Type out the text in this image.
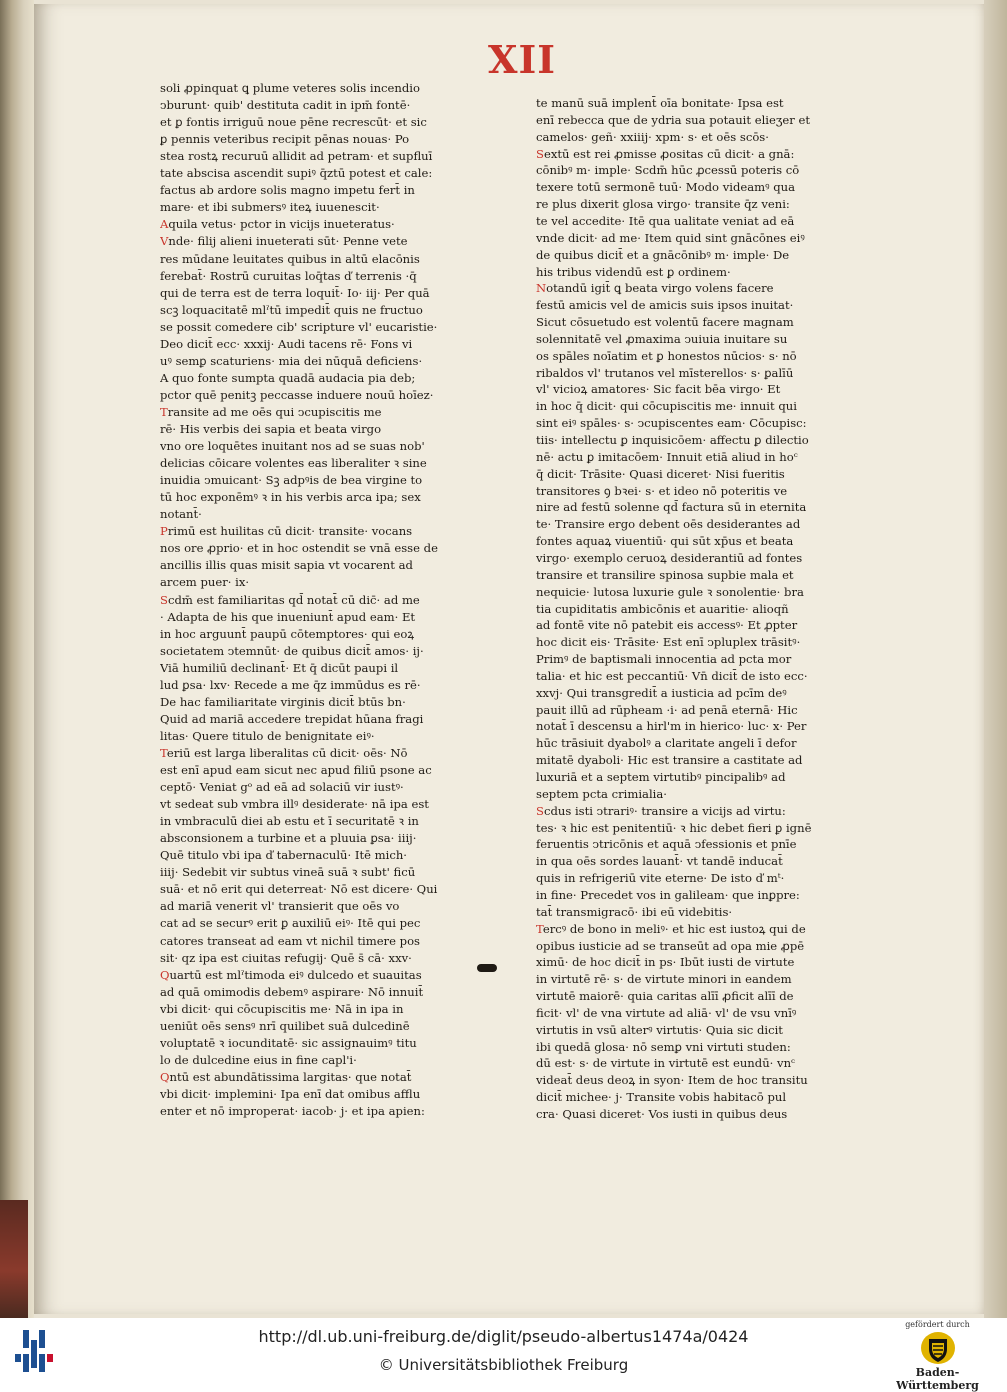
XII
soli ꝓpinquat ꝗ plume veteres solis incendio
ↄburunt· quib' destituta cadit in ipm̄ fontē·
et ꝑ fontis irriguū noue pēne recrescūt· et sic
ꝑ pennis veteribus recipit pēnas nouas· Po
stea rostꝝ recuruū allidit ad petram· et supfluī
tate abscisa ascendit supiꝰ q̄ztū potest et cale:
factus ab ardore solis magno impetu fert̄ in
mare· et ibi submersꝰ iteꝝ iuuenescit·
Aquila vetus· pctor in vicijs inueteratus·
Vnde· filij alieni inueterati sūt· Penne vete
res mūdane leuitates quibus in altū elacōnis
ferebat̄· Rostrū curuitas loq̄tas ď terrenis ·q̄
qui de terra est de terra loquit̄· Io· iij· Per quā
scꝫ loquacitatē mlˀtū impedit̄ quis ne fructuo
se possit comedere cib' scripture vl' eucaristie·
Deo dicit̄ ecc· xxxij· Audi tacens rē· Fons vi
uꝰ semꝑ scaturiens· mia dei nūquā deficiens·
A quo fonte sumpta quadā audacia pia deb;
pctor quē penitꝫ peccasse induere nouū hoīez·
Transite ad me oēs qui ↄcupiscitis me
rē· His verbis dei sapia et beata virgo
vno ore loquētes inuitant nos ad se suas nob'
delicias cōicare volentes eas liberaliter ꝛ sine
inuidia ↄmuicant· Sꝫ adpꝰis de bea virgine to
tū hoc exponēmꝰ ꝛ in his verbis arca ipa; sex
notant̄·
Primū est huilitas cū dicit· transite· vocans
nos ore ꝓprio· et in hoc ostendit se vnā esse de
ancillis illis quas misit sapia vt vocarent ad
arcem puer· ix·
Scdm̄ est familiaritas qd̄ notat̄ cū dic̄· ad me
· Adapta de his que inueniunt̄ apud eam· Et
in hoc arguunt̄ paupū cōtemptores· qui eoꝝ
societatem ↄtemnūt· de quibus dicit̄ amos· ij·
Viā humiliū declinant̄· Et q̄ dicūt paupi il
lud ꝑsa· lxv· Recede a me q̄z immūdus es rē·
De hac familiaritate virginis dicit̄ btūs bn·
Quid ad mariā accedere trepidat hūana fragi
litas· Quere titulo de benignitate eiꝰ·
Teriū est larga liberalitas cū dicit· oēs· Nō
est enī apud eam sicut nec apud filiū psone ac
ceptō· Veniat gᵒ ad eā ad solaciū vir iustꝰ·
vt sedeat sub vmbra illꝰ desiderate· nā ipa est
in vmbraculū diei ab estu et ī securitatē ꝛ in
absconsionem a turbine et a pluuia ꝑsa· iiij·
Quē titulo vbi ipa ď tabernaculū· Itē mich·
iiij· Sedebit vir subtus vineā suā ꝛ subt' ficū
suā· et nō erit qui deterreat· Nō est dicere· Qui
ad mariā venerit vl' transierit que oēs vo
cat ad se securꝰ erit ꝑ auxiliū eiꝰ· Itē qui pec
catores transeat ad eam vt nichil timere pos
sit· qz ipa est ciuitas refugij· Quē s̄ cā· xxv·
Quartū est mlˀtimoda eiꝰ dulcedo et suauitas
ad quā omimodis debemꝰ aspirare· Nō innuit̄
vbi dicit· qui cōcupiscitis me· Nā in ipa in
ueniūt oēs sensꝰ nrī quilibet suā dulcedinē
voluptatē ꝛ iocunditatē· sic assignauimꝰ titu
lo de dulcedine eius in fine capl'i·
Qntū est abundātissima largitas· que notat̄
vbi dicit· implemini· Ipa enī dat omibus afflu
enter et nō improperat· iacob· j· et ipa apien:
te manū suā implent̄ oīa bonitate· Ipsa est
enī rebecca que de ydria sua potauit elieʒer et
camelos· geñ· xxiiij· xpm· s· et oēs scōs·
Sextū est rei ꝓmisse ꝓositas cū dicit· a gnā:
cōnibꝰ m· imple· Scdm̄ hūc ꝓcessū poteris cō
texere totū sermonē tuū· Modo videamꝰ qua
re plus dixerit glosa virgo· transite q̄z veni:
te vel accedite· Itē qua ualitate veniat ad eā
vnde dicit· ad me· Item quid sint gnācōnes eiꝰ
de quibus dicit̄ et a gnācōnibꝰ m· imple· De
his tribus videndū est ꝑ ordinem·
Notandū igit̄ ꝗ beata virgo volens facere
festū amicis vel de amicis suis ipsos inuitat·
Sicut cōsuetudo est volentū facere magnam
solennitatē vel ꝓmaxima ↄuiuia inuitare su
os spāles noīatim et ꝑ honestos nūcios· s· nō
ribaldos vl' trutanos vel mīsterellos· s· ꝑalīū
vl' vicioꝝ amatores· Sic facit bēa virgo· Et
in hoc q̄ dicit· qui cōcupiscitis me· innuit qui
sint eiꝰ spāles· s· ↄcupiscentes eam· Cōcupisc:
tiis· intellectu ꝑ inquisicōem· affectu ꝑ dilectio
nē· actu ꝑ imitacōem· Innuit etiā aliud in hoᶜ
q̄ dicit· Trāsite· Quasi diceret· Nisi fueritis
transitores ꝯ bꝛei· s· et ideo nō poteritis ve
nire ad festū solenne qd̄ factura sū in eternita
te· Transire ergo debent oēs desiderantes ad
fontes aquaꝝ viuentiū· qui sūt xp̄us et beata
virgo· exemplo ceruoꝝ desiderantiū ad fontes
transire et transilire spinosa supbie mala et
nequicie· lutosa luxurie gule ꝛ sonolentie· bra
tia cupiditatis ambicōnis et auaritie· alioqñ
ad fontē vite nō patebit eis accessꝰ· Et ꝓpter
hoc dicit eis· Trāsite· Est enī ↄpluplex trāsitꝰ·
Primꝰ de baptismali innocentia ad pcta mor
talia· et hic est peccantiū· Vn̄ dicit̄ de isto ecc·
xxvj· Qui transgredit̄ a iusticia ad pcīm deꝰ
pauit illū ad rūpheam ·i· ad penā eternā· Hic
notat̄ ī descensu a hirl'm in hierico· luc· x· Per
hūc trāsiuit dyabolꝰ a claritate angeli ī defor
mitatē dyaboli· Hic est transire a castitate ad
luxuriā et a septem virtutibꝰ pincipalibꝰ ad
septem pcta crimialia·
Scdus isti ↄtrariꝰ· transire a vicijs ad virtu:
tes· ꝛ hic est penitentiū· ꝛ hic debet fieri ꝑ ignē
feruentis ↄtricōnis et aquā ↄfessionis et pnīe
in qua oēs sordes lauant̄· vt tandē inducat̄
quis in refrigeriū vite eterne· De isto ď mᵗ·
in fine· Precedet vos in galileam· que inꝑpre:
tat̄ transmigracō· ibi eū videbitis·
Tercꝰ de bono in meliꝰ· et hic est iustoꝝ qui de
opibus iusticie ad se transeūt ad opa mie ꝓpē
ximū· de hoc dicit̄ in ps· Ibūt iusti de virtute
in virtutē rē· s· de virtute minori in eandem
virtutē maiorē· quia caritas alīī ꝓficit alīī de
ficit· vl' de vna virtute ad aliā· vl' de vsu vnīꝰ
virtutis in vsū alterꝰ virtutis· Quia sic dicit
ibi quedā glosa· nō semꝑ vni virtuti studen:
dū est· s· de virtute in virtutē est eundū· vnᶜ
videat̄ deus deoꝝ in syon· Item de hoc transitu
dicit̄ michee· j· Transite vobis habitacō pul
cra· Quasi diceret· Vos iusti in quibus deus
http://dl.ub.uni-freiburg.de/diglit/pseudo-albertus1474a/0424
© Universitätsbibliothek Freiburg
gefördert durch
Baden-Württemberg
